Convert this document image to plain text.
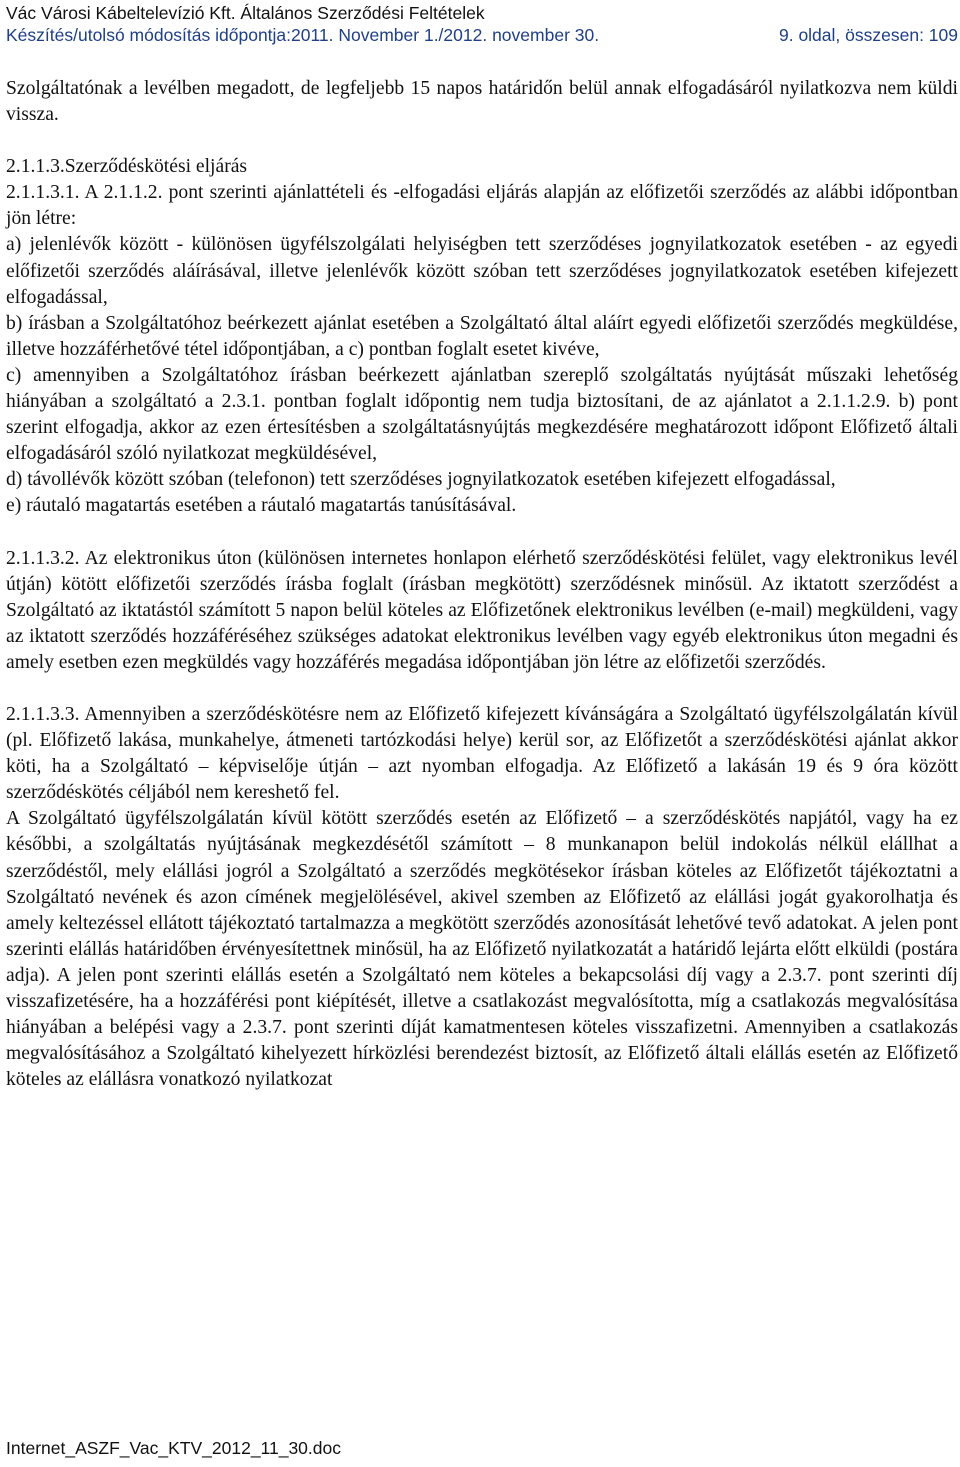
Vác Városi Kábeltelevízió Kft. Általános Szerződési Feltételek
Készítés/utolsó módosítás időpontja:2011. November 1./2012. november 30.	9. oldal, összesen: 109

Szolgáltatónak a levélben megadott, de legfeljebb 15 napos határidőn belül annak elfogadásáról nyilatkozva nem küldi vissza.

2.1.1.3.Szerződéskötési eljárás

2.1.1.3.1. A 2.1.1.2. pont szerinti ajánlattételi és -elfogadási eljárás alapján az előfizetői szerződés az alábbi időpontban jön létre:

a) jelenlévők között - különösen ügyfélszolgálati helyiségben tett szerződéses jognyilatkozatok esetében - az egyedi előfizetői szerződés aláírásával, illetve jelenlévők között szóban tett szerződéses jognyilatkozatok esetében kifejezett elfogadással,

b) írásban a Szolgáltatóhoz beérkezett ajánlat esetében a Szolgáltató által aláírt egyedi előfizetői szerződés megküldése, illetve hozzáférhetővé tétel időpontjában, a c) pontban foglalt esetet kivéve,

c) amennyiben a Szolgáltatóhoz írásban beérkezett ajánlatban szereplő szolgáltatás nyújtását műszaki lehetőség hiányában a szolgáltató a 2.3.1. pontban foglalt időpontig nem tudja biztosítani, de az ajánlatot a 2.1.1.2.9. b) pont szerint elfogadja, akkor az ezen értesítésben a szolgáltatásnyújtás megkezdésére meghatározott időpont Előfizető általi elfogadásáról szóló nyilatkozat megküldésével,

d) távollévők között szóban (telefonon) tett szerződéses jognyilatkozatok esetében kifejezett elfogadással,

e) ráutaló magatartás esetében a ráutaló magatartás tanúsításával.

2.1.1.3.2. Az elektronikus úton (különösen internetes honlapon elérhető szerződéskötési felület, vagy elektronikus levél útján) kötött előfizetői szerződés írásba foglalt (írásban megkötött) szerződésnek minősül. Az iktatott szerződést a Szolgáltató az iktatástól számított 5 napon belül köteles az Előfizetőnek elektronikus levélben (e-mail) megküldeni, vagy az iktatott szerződés hozzáféréséhez szükséges adatokat elektronikus levélben vagy egyéb elektronikus úton megadni és amely esetben ezen megküldés vagy hozzáférés megadása időpontjában jön létre az előfizetői szerződés.

2.1.1.3.3. Amennyiben a szerződéskötésre nem az Előfizető kifejezett kívánságára a Szolgáltató ügyfélszolgálatán kívül (pl. Előfizető lakása, munkahelye, átmeneti tartózkodási helye) kerül sor, az Előfizetőt a szerződéskötési ajánlat akkor köti, ha a Szolgáltató – képviselője útján – azt nyomban elfogadja. Az Előfizető a lakásán 19 és 9 óra között szerződéskötés céljából nem kereshető fel.

A Szolgáltató ügyfélszolgálatán kívül kötött szerződés esetén az Előfizető – a szerződéskötés napjától, vagy ha ez későbbi, a szolgáltatás nyújtásának megkezdésétől számított – 8 munkanapon belül indokolás nélkül elállhat a szerződéstől, mely elállási jogról a Szolgáltató a szerződés megkötésekor írásban köteles az Előfizetőt tájékoztatni a Szolgáltató nevének és azon címének megjelölésével, akivel szemben az Előfizető az elállási jogát gyakorolhatja és amely keltezéssel ellátott tájékoztató tartalmazza a megkötött szerződés azonosítását lehetővé tevő adatokat. A jelen pont szerinti elállás határidőben érvényesítettnek minősül, ha az Előfizető nyilatkozatát a határidő lejárta előtt elküldi (postára adja). A jelen pont szerinti elállás esetén a Szolgáltató nem köteles a bekapcsolási díj vagy a 2.3.7. pont szerinti díj visszafizetésére, ha a hozzáférési pont kiépítését, illetve a csatlakozást megvalósította, míg a csatlakozás megvalósítása hiányában a belépési vagy a 2.3.7. pont szerinti díját kamatmentesen köteles visszafizetni. Amennyiben a csatlakozás megvalósításához a Szolgáltató kihelyezett hírközlési berendezést biztosít, az Előfizető általi elállás esetén az Előfizető köteles az elállásra vonatkozó nyilatkozat

Internet_ASZF_Vac_KTV_2012_11_30.doc
